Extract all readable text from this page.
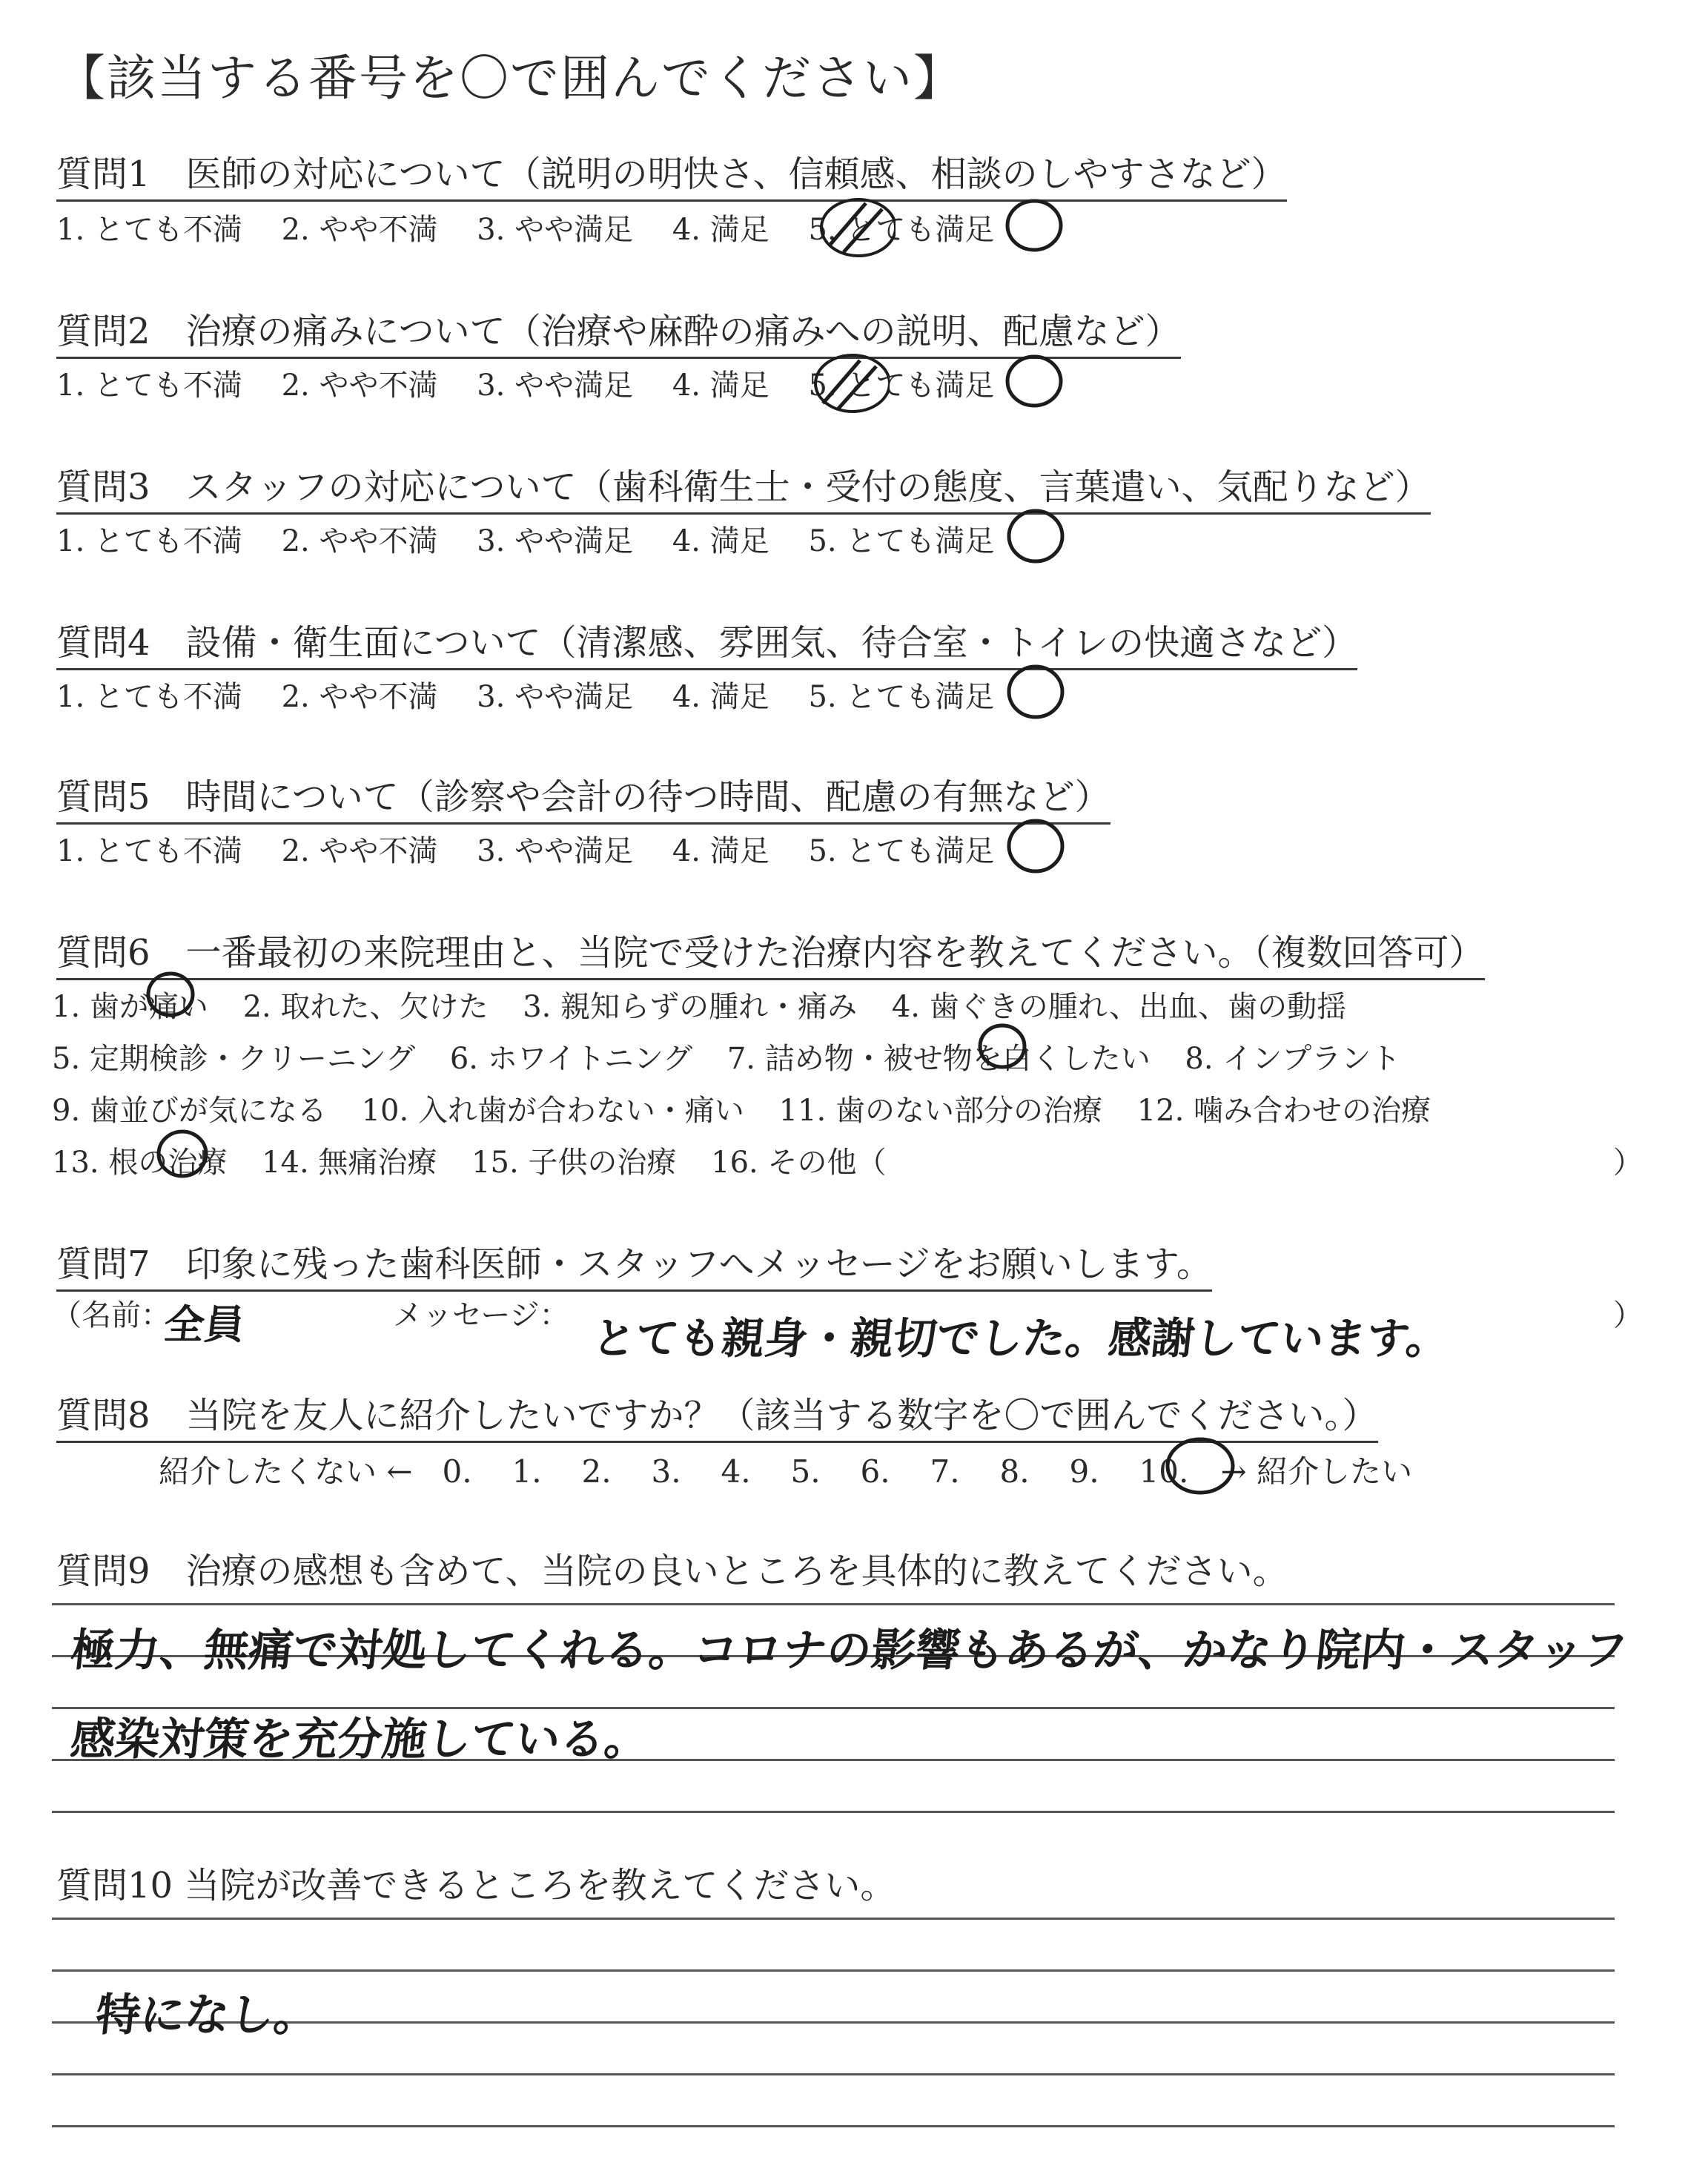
【該当する番号を〇で囲んでください】
質問1　医師の対応について（説明の明快さ、信頼感、相談のしやすさなど）
1. とても不満 2. やや不満 3. やや満足 4. 満足 5. とても満足
質問2　治療の痛みについて（治療や麻酔の痛みへの説明、配慮など）
1. とても不満 2. やや不満 3. やや満足 4. 満足 5. とても満足
質問3　スタッフの対応について（歯科衛生士・受付の態度、言葉遣い、気配りなど）
1. とても不満 2. やや不満 3. やや満足 4. 満足 5. とても満足
質問4　設備・衛生面について（清潔感、雰囲気、待合室・トイレの快適さなど）
1. とても不満 2. やや不満 3. やや満足 4. 満足 5. とても満足
質問5　時間について（診察や会計の待つ時間、配慮の有無など）
1. とても不満 2. やや不満 3. やや満足 4. 満足 5. とても満足
質問6　一番最初の来院理由と、当院で受けた治療内容を教えてください。（複数回答可）
1. 歯が痛い 2. 取れた、欠けた 3. 親知らずの腫れ・痛み 4. 歯ぐきの腫れ、出血、歯の動揺
5. 定期検診・クリーニング 6. ホワイトニング 7. 詰め物・被せ物を白くしたい 8. インプラント
9. 歯並びが気になる 10. 入れ歯が合わない・痛い 11. 歯のない部分の治療 12. 噛み合わせの治療
13. 根の治療 14. 無痛治療 15. 子供の治療 16. その他（	）
質問7　印象に残った歯科医師・スタッフへメッセージをお願いします。
（名前：
全員	メッセージ： とても親身・親切でした。感謝しています。	）
質問8　当院を友人に紹介したいですか？（該当する数字を〇で囲んでください。）
紹介したくない ← 0. 1. 2. 3. 4. 5. 6. 7. 8. 9. 10. → 紹介したい
質問9　治療の感想も含めて、当院の良いところを具体的に教えてください。
極力、無痛で対処してくれる。コロナの影響もあるが、かなり院内・スタッフ
感染対策を充分施している。
質問10 当院が改善できるところを教えてください。
特になし。
